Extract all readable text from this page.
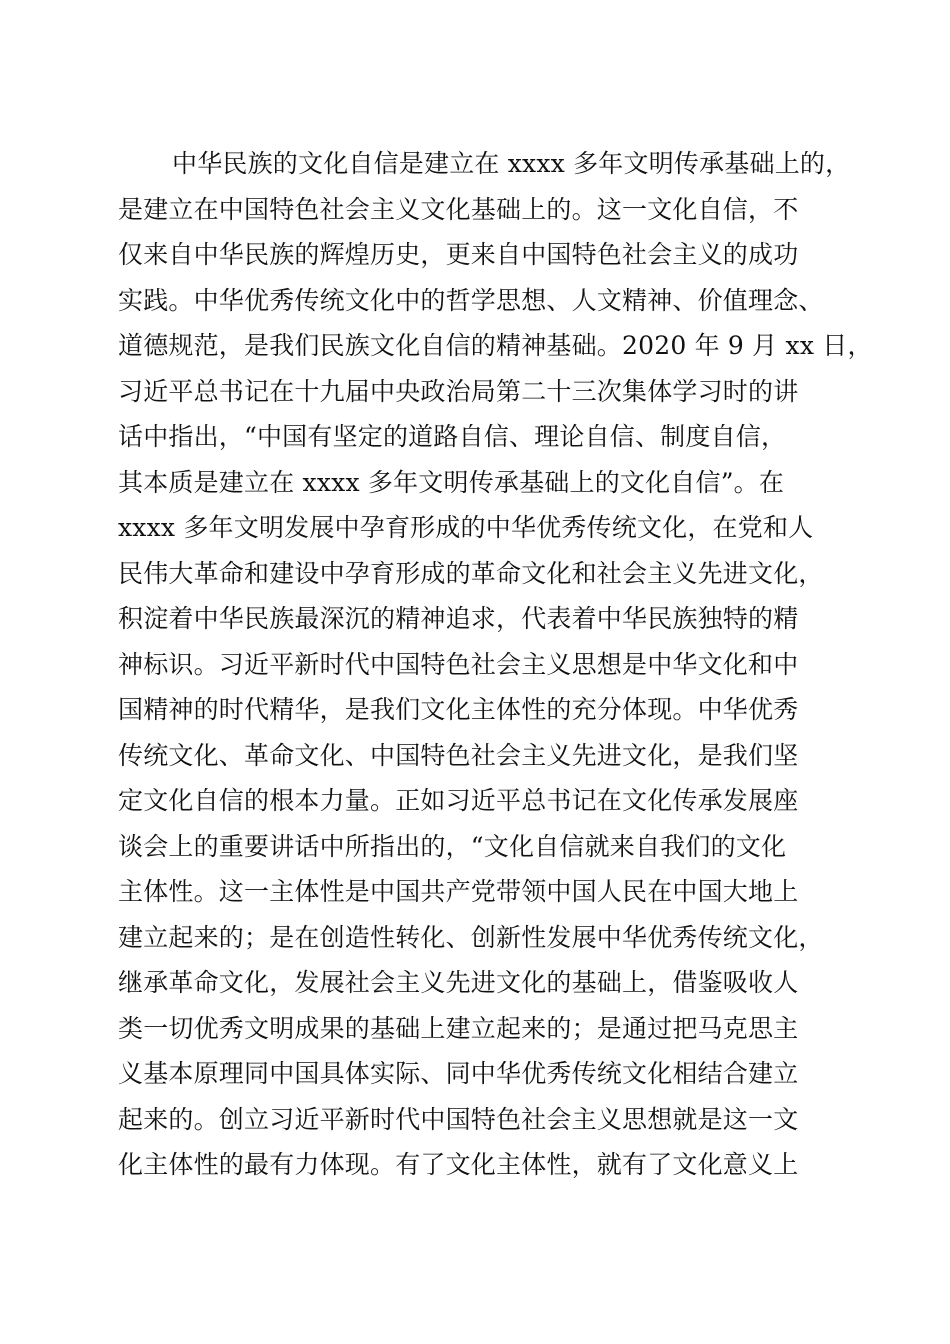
中华民族的文化自信是建立在 xxxx 多年文明传承基础上的，
是建立在中国特色社会主义文化基础上的。这一文化自信，不
仅来自中华民族的辉煌历史，更来自中国特色社会主义的成功
实践。中华优秀传统文化中的哲学思想、人文精神、价值理念、
道德规范，是我们民族文化自信的精神基础。2020 年 9 月 xx 日，
习近平总书记在十九届中央政治局第二十三次集体学习时的讲
话中指出，“中国有坚定的道路自信、理论自信、制度自信，
其本质是建立在 xxxx 多年文明传承基础上的文化自信”。在
xxxx 多年文明发展中孕育形成的中华优秀传统文化，在党和人
民伟大革命和建设中孕育形成的革命文化和社会主义先进文化，
积淀着中华民族最深沉的精神追求，代表着中华民族独特的精
神标识。习近平新时代中国特色社会主义思想是中华文化和中
国精神的时代精华，是我们文化主体性的充分体现。中华优秀
传统文化、革命文化、中国特色社会主义先进文化，是我们坚
定文化自信的根本力量。正如习近平总书记在文化传承发展座
谈会上的重要讲话中所指出的，“文化自信就来自我们的文化
主体性。这一主体性是中国共产党带领中国人民在中国大地上
建立起来的；是在创造性转化、创新性发展中华优秀传统文化，
继承革命文化，发展社会主义先进文化的基础上，借鉴吸收人
类一切优秀文明成果的基础上建立起来的；是通过把马克思主
义基本原理同中国具体实际、同中华优秀传统文化相结合建立
起来的。创立习近平新时代中国特色社会主义思想就是这一文
化主体性的最有力体现。有了文化主体性，就有了文化意义上
